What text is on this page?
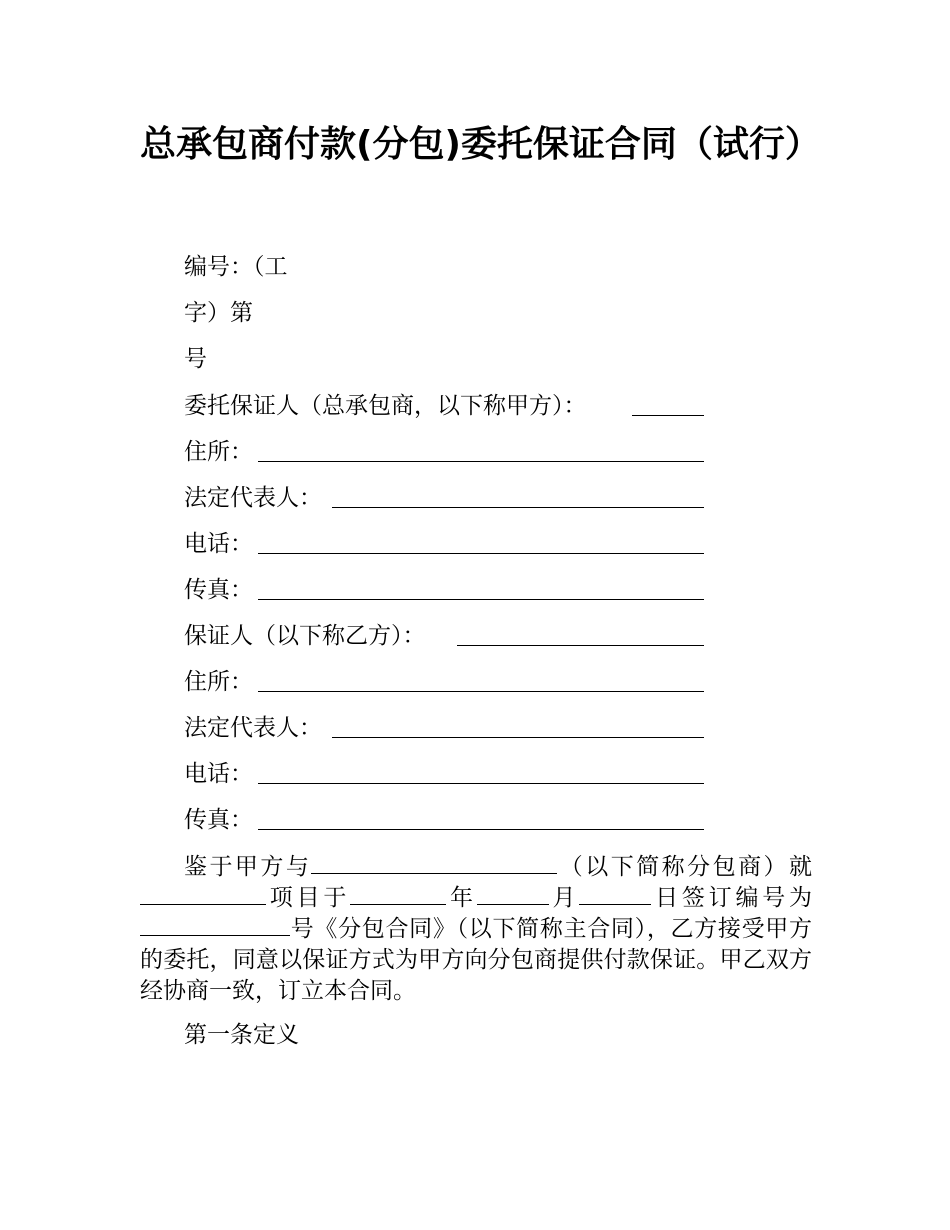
总承包商付款(分包)委托保证合同（试行）
编号：（工
字）第
号
委托保证人（总承包商，以下称甲方）：
住所：
法定代表人：
电话：
传真：
保证人（以下称乙方）：
住所：
法定代表人：
电话：
传真：

鉴于甲方与	（以下简称分包商）就项目于	年	月	日签订编号为号《分包合同》（以下简称主合同），乙方接受甲方的委托，同意以保证方式为甲方向分包商提供付款保证。甲乙双方经协商一致，订立本合同。

第一条定义
